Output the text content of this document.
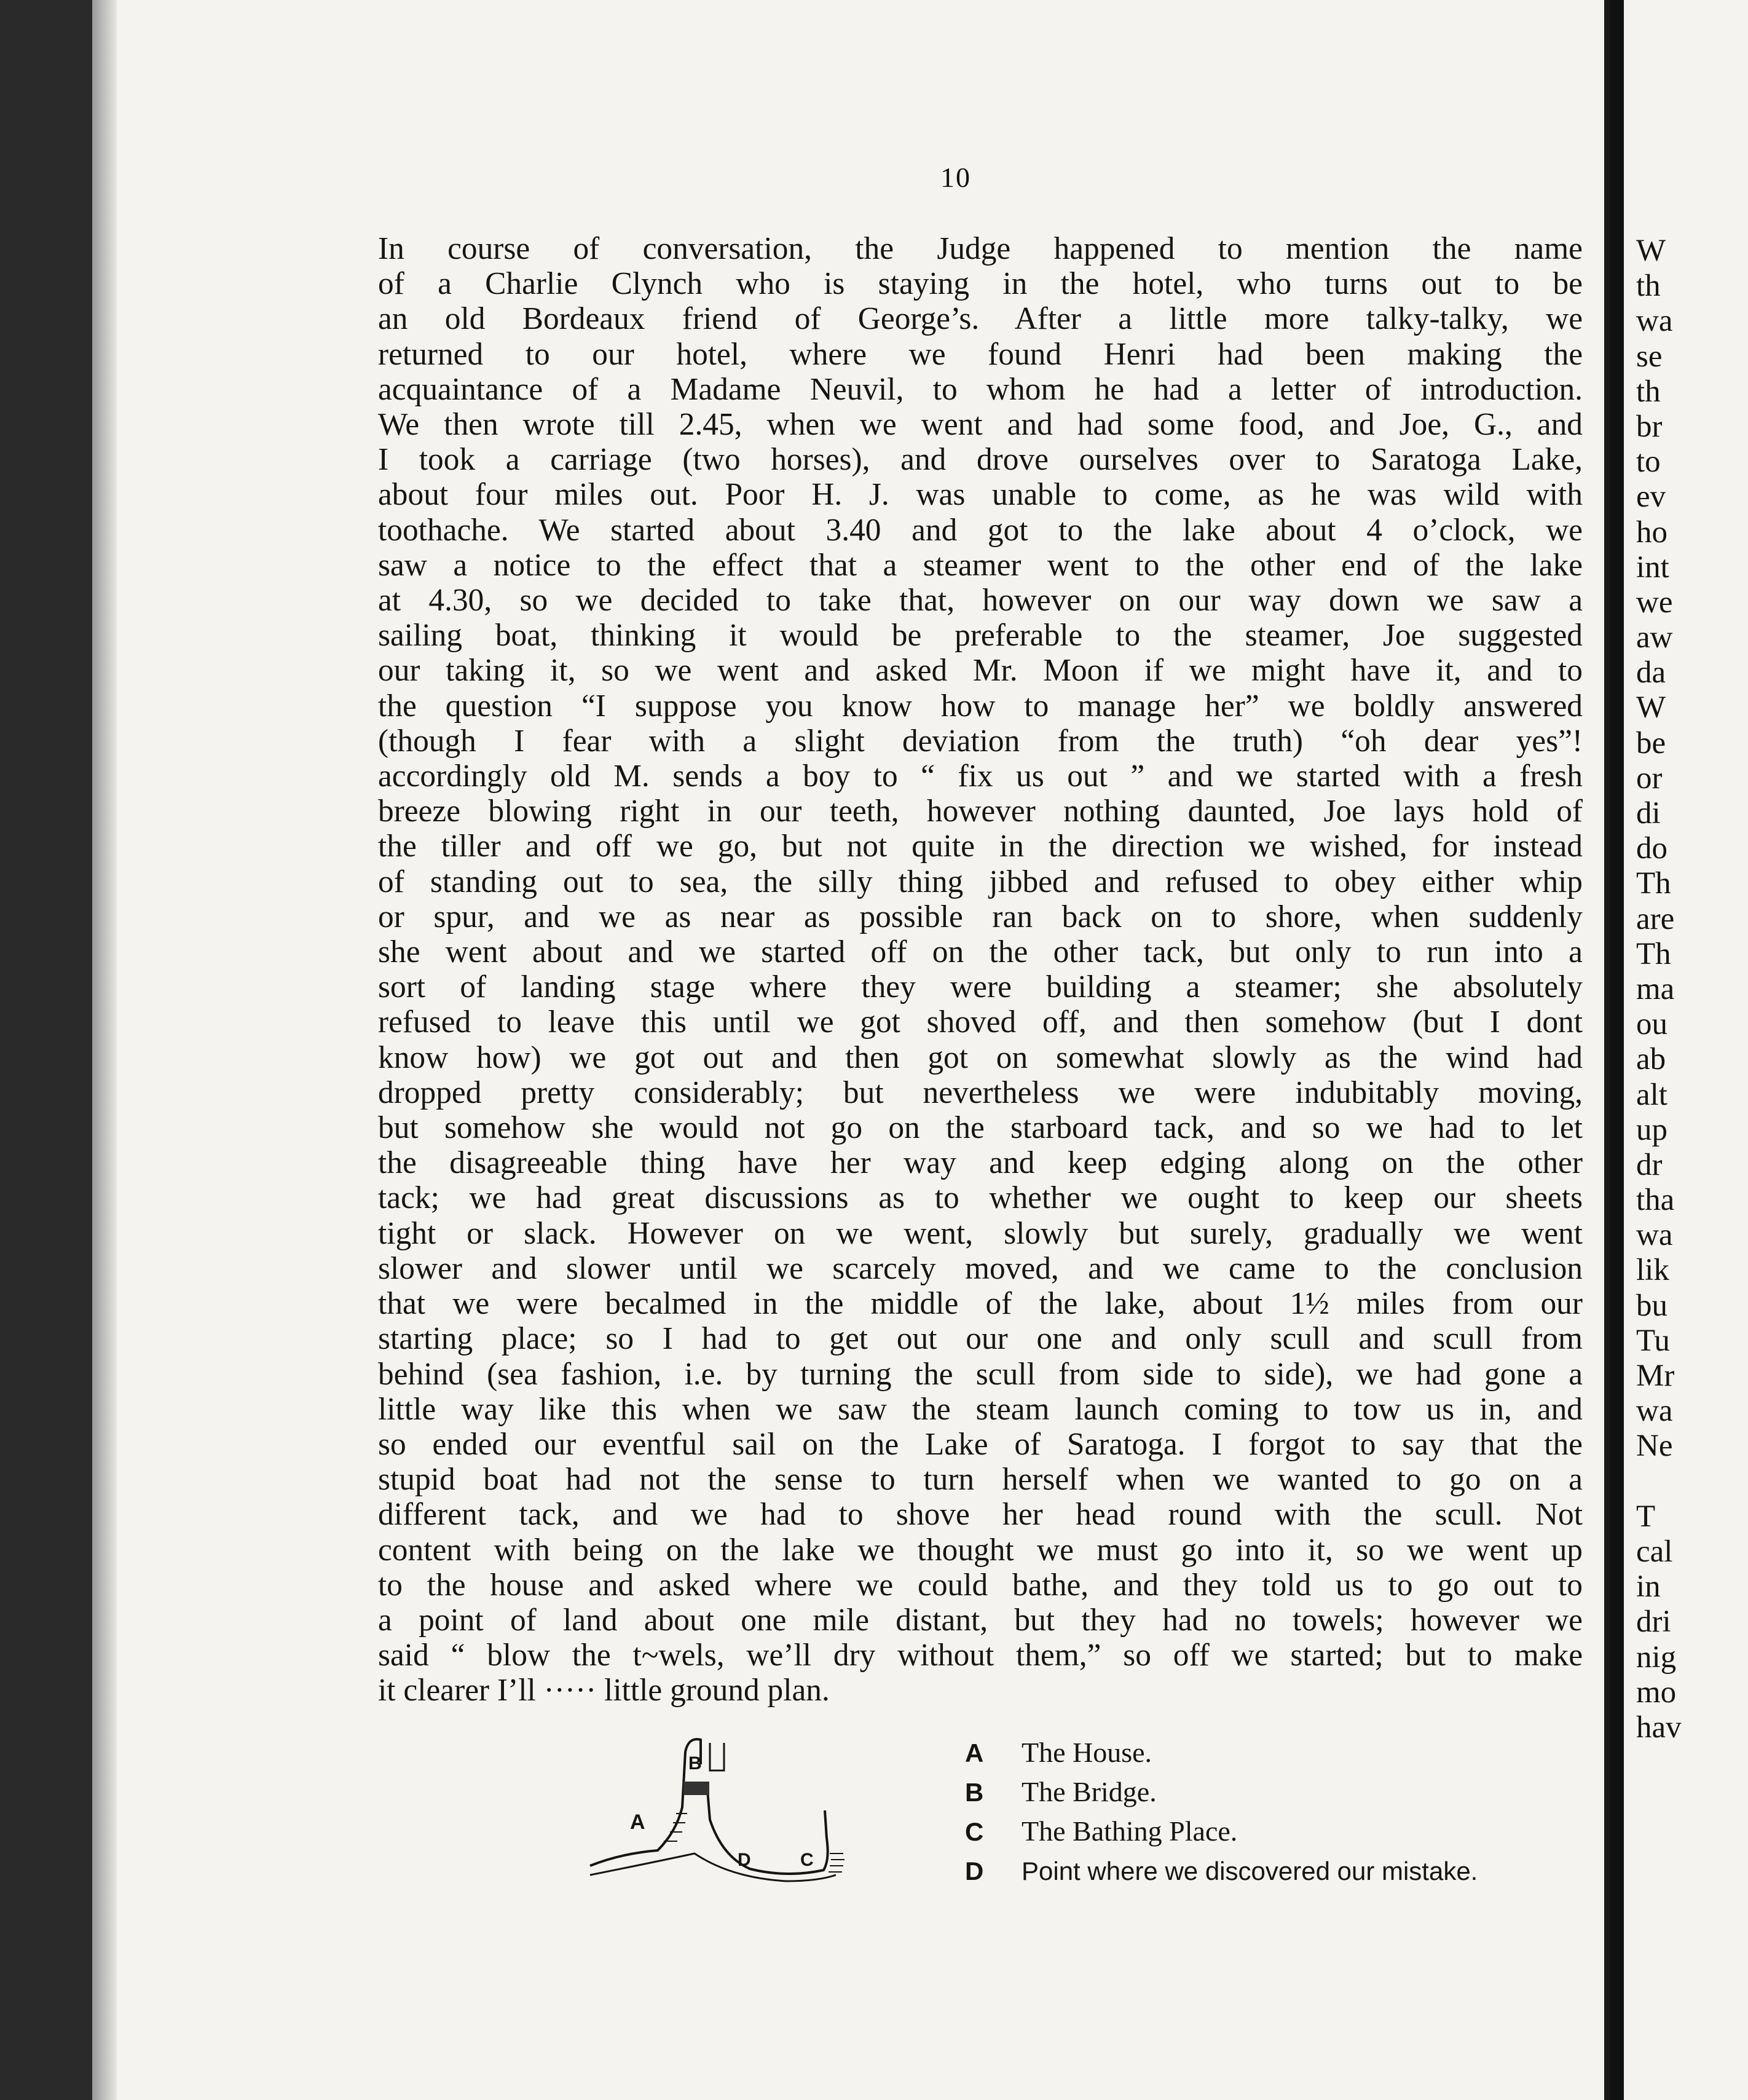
10
In course of conversation, the Judge happened to mention the name
of a Charlie Clynch who is staying in the hotel, who turns out to be
an old Bordeaux friend of George’s. After a little more talky-talky, we
returned to our hotel, where we found Henri had been making the
acquaintance of a Madame Neuvil, to whom he had a letter of introduction.
We then wrote till 2.45, when we went and had some food, and Joe, G., and
I took a carriage (two horses), and drove ourselves over to Saratoga Lake,
about four miles out. Poor H. J. was unable to come, as he was wild with
toothache. We started about 3.40 and got to the lake about 4 o’clock, we
saw a notice to the effect that a steamer went to the other end of the lake
at 4.30, so we decided to take that, however on our way down we saw a
sailing boat, thinking it would be preferable to the steamer, Joe suggested
our taking it, so we went and asked Mr. Moon if we might have it, and to
the question “I suppose you know how to manage her” we boldly answered
(though I fear with a slight deviation from the truth) “oh dear yes”!
accordingly old M. sends a boy to “ fix us out ” and we started with a fresh
breeze blowing right in our teeth, however nothing daunted, Joe lays hold of
the tiller and off we go, but not quite in the direction we wished, for instead
of standing out to sea, the silly thing jibbed and refused to obey either whip
or spur, and we as near as possible ran back on to shore, when suddenly
she went about and we started off on the other tack, but only to run into a
sort of landing stage where they were building a steamer; she absolutely
refused to leave this until we got shoved off, and then somehow (but I dont
know how) we got out and then got on somewhat slowly as the wind had
dropped pretty considerably; but nevertheless we were indubitably moving,
but somehow she would not go on the starboard tack, and so we had to let
the disagreeable thing have her way and keep edging along on the other
tack; we had great discussions as to whether we ought to keep our sheets
tight or slack. However on we went, slowly but surely, gradually we went
slower and slower until we scarcely moved, and we came to the conclusion
that we were becalmed in the middle of the lake, about 1½ miles from our
starting place; so I had to get out our one and only scull and scull from
behind (sea fashion, i.e. by turning the scull from side to side), we had gone a
little way like this when we saw the steam launch coming to tow us in, and
so ended our eventful sail on the Lake of Saratoga. I forgot to say that the
stupid boat had not the sense to turn herself when we wanted to go on a
different tack, and we had to shove her head round with the scull. Not
content with being on the lake we thought we must go into it, so we went up
to the house and asked where we could bathe, and they told us to go out to
a point of land about one mile distant, but they had no towels; however we
said “ blow the t~wels, we’ll dry without them,” so off we started; but to make
it clearer I’ll ····· little ground plan.
A
B
D	C
A The House.
B The Bridge.
C The Bathing Place.
D Point where we discovered our mistake.
W
th
wa
se
th
br
to
ev
ho
int
we
aw
da
W
be
or
di
do
Th
are
Th
ma
ou
ab
alt
up
dr
tha
wa
lik
bu
Tu
Mr
wa
Ne
T
cal
in
dri
nig
mo
hav
